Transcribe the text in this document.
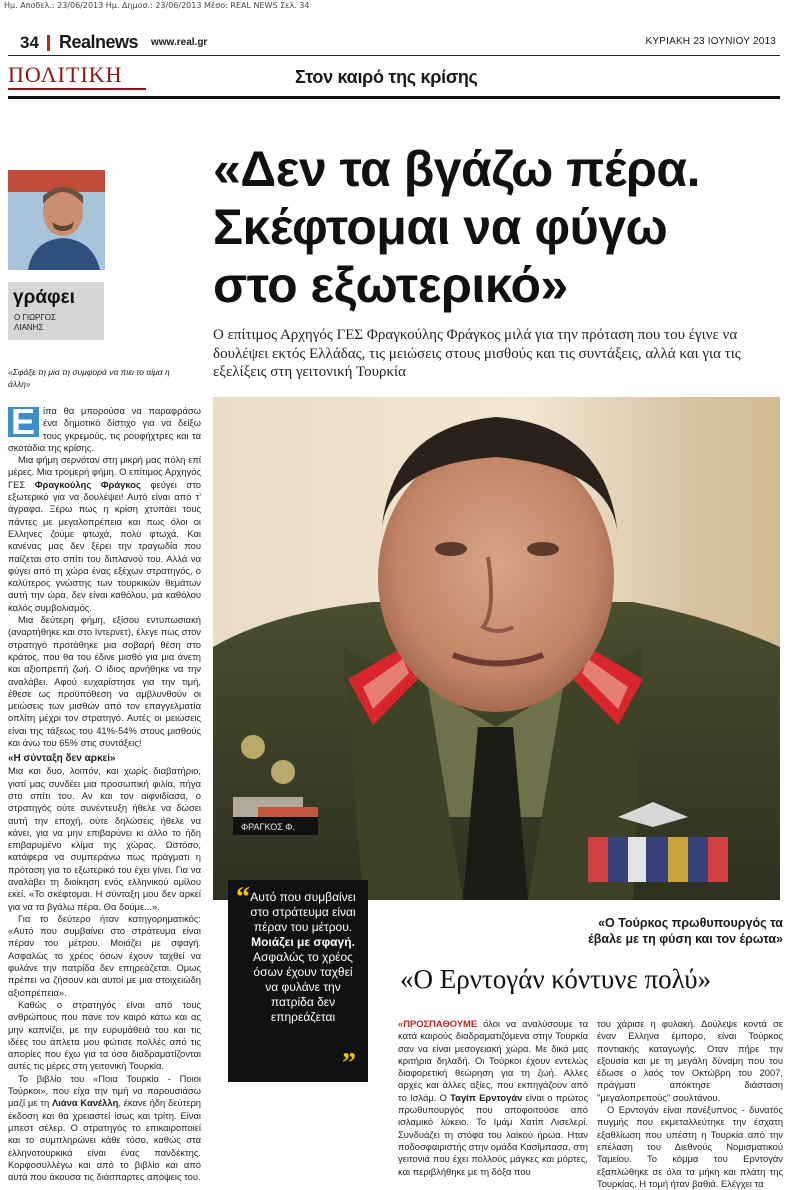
Ημ. Αποδελ.: 23/06/2013 Ημ. Δημοσ.: 23/06/2013 Μέσο: REAL NEWS Σελ. 34
34 Realnews www.real.gr	ΚΥΡΙΑΚΗ 23 ΙΟΥΝΙΟΥ 2013
ΠΟΛΙΤΙΚΗ	Στον καιρό της κρίσης
γράφει
Ο ΓΙΩΡΓΟΣ
ΛΙΑΝΗΣ
«Σφάξε τη μια τη συμφορά να πιει το αίμα η άλλη»
«Δεν τα βγάζω πέρα.
Σκέφτομαι να φύγω
στο εξωτερικό»
Ο επίτιμος Αρχηγός ΓΕΣ Φραγκούλης Φράγκος μιλά για την πρόταση που του έγινε να δουλέψει εκτός Ελλάδας, τις μειώσεις στους μισθούς και τις συντάξεις, αλλά και για τις εξελίξεις στη γειτονική Τουρκία
ΦΡΑΓΚΟΣ Φ.
“ Αυτό που συμβαίνει στο στράτευμα είναι πέραν του μέτρου. Μοιάζει με σφαγή. Ασφαλώς το χρέος όσων έχουν ταχθεί να φυλάνε την πατρίδα δεν επηρεάζεται
”
«Ο Τούρκος πρωθυπουργός τα έβαλε με τη φύση και τον έρωτα»
«Ο Ερντογάν κόντυνε πολύ»

Ε ίπα θα μπορούσα να παραφράσω ένα δημοτικό δίστιχο για να δείξω τους γκρεμούς, τις ρουφήχτρες και τα σκοτάδια της κρίσης.

Μια φήμη σερνόταν στη μικρή μας πόλη επί μέρες. Μια τρομερή φήμη. Ο επίτιμος Αρχηγός ΓΕΣ Φραγκούλης Φράγκος φεύγει στο εξωτερικό για να δουλέψει! Αυτό είναι από τ' άγραφα. Ξέρω πως η κρίση χτυπάει τους πάντες με μεγαλοπρέπεια και πως όλοι οι Ελληνες ζούμε φτωχά, πολύ φτωχά. Και κανένας μας δεν ξέρει την τραγωδία που παίζεται στο σπίτι του διπλανού του. Αλλά να φύγει από τη χώρα ένας εξέχων στρατηγός, ο καλύτερος γνώστης των τουρκικών θεμάτων αυτή την ώρα, δεν είναι καθόλου, μα καθόλου καλός συμβολισμός.

Μια δεύτερη φήμη, εξίσου εντυπωσιακή (αναρτήθηκε και στο Ιντερνετ), έλεγε πως στον στρατηγό προτάθηκε μια σοβαρή θέση στο κράτος, που θα του έδινε μισθό για μια άνετη και αξιοπρεπή ζωή. Ο ίδιος αρνήθηκε να την αναλάβει. Αφού ευχαρίστησε για την τιμή, έθεσε ως προϋπόθεση να αμβλυνθούν οι μειώσεις των μισθών από τον επαγγελματία οπλίτη μέχρι τον στρατηγό. Αυτές οι μειώσεις είναι της τάξεως του 41%-54% στους μισθούς και άνω του 65% στις συντάξεις!

«Η σύνταξη δεν αρκεί»

Μια και δυο, λοιπόν, και χωρίς διαβατήριο, γιατί μας συνδέει μια προσωπική φιλία, πήγα στο σπίτι του. Αν και τον αιφνιδίασα, ο στρατηγός ούτε συνέντευξη ήθελε να δώσει αυτή την εποχή, ούτε δηλώσεις ήθελε να κάνει, για να μην επιβαρύνει κι άλλο το ήδη επιβαρυμένο κλίμα της χώρας. Ωστόσο, κατάφερα να συμπεράνω πως πράγματι η πρόταση για το εξωτερικό του έχει γίνει. Για να αναλάβει τη διοίκηση ενός ελληνικού ομίλου εκεί. «Το σκέφτομαι. Η σύνταξη μου δεν αρκεί για να τα βγάλω πέρα. Θα δούμε...».

Για το δεύτερο ήταν κατηγορηματικός: «Αυτό που συμβαίνει στο στράτευμα είναι πέραν του μέτρου. Μοιάζει με σφαγή. Ασφαλώς το χρέος όσων έχουν ταχθεί να φυλάνε την πατρίδα δεν επηρεάζεται. Ομως πρέπει να ζήσουν και αυτοί με μια στοιχειώδη αξιοπρέπεια».

Καθώς ο στρατηγός είναι από τους ανθρώπους που πάνε τον καιρό κάτω και ας μην καπνίζει, με την ευρυμάθειά του και τις ιδέες του άπλετα μου φώτισε πολλές από τις απορίες που έχω για τα όσα διαδραματίζονται αυτές τις μέρες στη γειτονική Τουρκία.

Το βιβλίο του «Ποια Τουρκία - Ποιοι Τούρκοι», που είχα την τιμή να παρουσιάσω μαζί με τη Λιάνα Κανέλλη, έκανε ήδη δεύτερη έκδοση και θα χρειαστεί ίσως και τρίτη. Είναι μπεστ σέλερ. Ο στρατηγός το επικαιροποιεί και το συμπληρώνει κάθε τόσο, καθώς στα ελληνοτουρκικά είναι ένας πανδέκτης. Κορφοσυλλέγω και από το βιβλίο και από αυτά που άκουσα τις διάσπαρτες απόψεις του.

«ΠΡΟΣΠΑΘΟΥΜΕ όλοι να αναλύσουμε τα κατά καιρούς διαδραματιζόμενα στην Τουρκία σαν να είναι μεσογειακή χώρα. Με δικά μας κριτήρια δηλαδή. Οι Τούρκοι έχουν εντελώς διαφορετική θεώρηση για τη ζωή. Αλλες αρχές και άλλες αξίες, που εκπηγάζουν από το Ισλάμ. Ο Ταγίπ Ερντογάν είναι ο πρώτος πρωθυπουργός που αποφοιτούσε από ισλαμικό λύκειο. Το Ιμάμ Χατίπ Λισελερί. Συνδυάζει τη στόφα του λαϊκού ήρωα. Ηταν ποδοσφαιριστής στην ομάδα Κασίμπασα, στη γειτονιά που έχει πολλούς μάγκες και μόρτες, και περιβλήθηκε με τη δόξα που

του χάρισε η φυλακή. Δούλεψε κοντά σε έναν Ελληνα έμπορο, είναι Τούρκος ποντιακής καταγωγής. Οταν πήρε την εξουσία και με τη μεγάλη δύναμη που του έδωσε ο λαός τον Οκτώβρη του 2007, πράγματι απόκτησε διάσταση "μεγαλοπρεπούς" σουλτάνου.

Ο Ερντογάν είναι πανέξυπνος - δυνατός πυγμής που εκμεταλλεύτηκε την έσχατη εξαθλίωση που υπέστη η Τουρκία από την επέλαση του Διεθνούς Νομισματικού Ταμείου. Το κόμμα του Ερντογάν εξαπλώθηκε σε όλα τα μήκη και πλάτη της Τουρκίας. Η τομή ήταν βαθιά. Ελέγχει τα
